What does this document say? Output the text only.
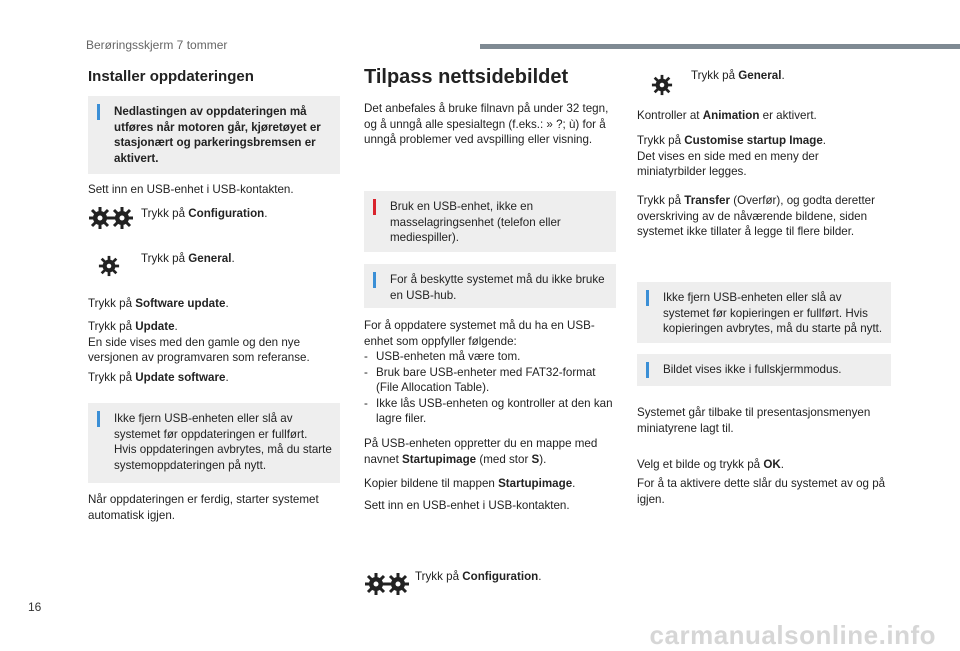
Berøringsskjerm 7 tommer
Installer oppdateringen
Nedlastingen av oppdateringen må utføres når motoren går, kjøretøyet er stasjonært og parkeringsbremsen er aktivert.
Sett inn en USB-enhet i USB-kontakten.
Trykk på Configuration.
Trykk på General.
Trykk på Software update.
Trykk på Update.
En side vises med den gamle og den nye versjonen av programvaren som referanse.
Trykk på Update software.
Ikke fjern USB-enheten eller slå av systemet før oppdateringen er fullført. Hvis oppdateringen avbrytes, må du starte systemoppdateringen på nytt.
Når oppdateringen er ferdig, starter systemet automatisk igjen.
Tilpass nettsidebildet
Det anbefales å bruke filnavn på under 32 tegn, og å unngå alle spesialtegn (f.eks.: » ?; ù) for å unngå problemer ved avspilling eller visning.
Bruk en USB-enhet, ikke en masselagringsenhet (telefon eller mediespiller).
For å beskytte systemet må du ikke bruke en USB-hub.
For å oppdatere systemet må du ha en USB-enhet som oppfyller følgende:
- USB-enheten må være tom.
- Bruk bare USB-enheter med FAT32-format (File Allocation Table).
- Ikke lås USB-enheten og kontroller at den kan lagre filer.
På USB-enheten oppretter du en mappe med navnet Startupimage (med stor S).
Kopier bildene til mappen Startupimage.
Sett inn en USB-enhet i USB-kontakten.
Trykk på Configuration.
Trykk på General.
Kontroller at Animation er aktivert.
Trykk på Customise startup Image.
Det vises en side med en meny der miniatyrbilder legges.
Trykk på Transfer (Overfør), og godta deretter overskriving av de nåværende bildene, siden systemet ikke tillater å legge til flere bilder.
Ikke fjern USB-enheten eller slå av systemet før kopieringen er fullført. Hvis kopieringen avbrytes, må du starte på nytt.
Bildet vises ikke i fullskjermmodus.
Systemet går tilbake til presentasjonsmenyen miniatyrene lagt til.
Velg et bilde og trykk på OK.
For å ta aktivere dette slår du systemet av og på igjen.
16
carmanualsonline.info
